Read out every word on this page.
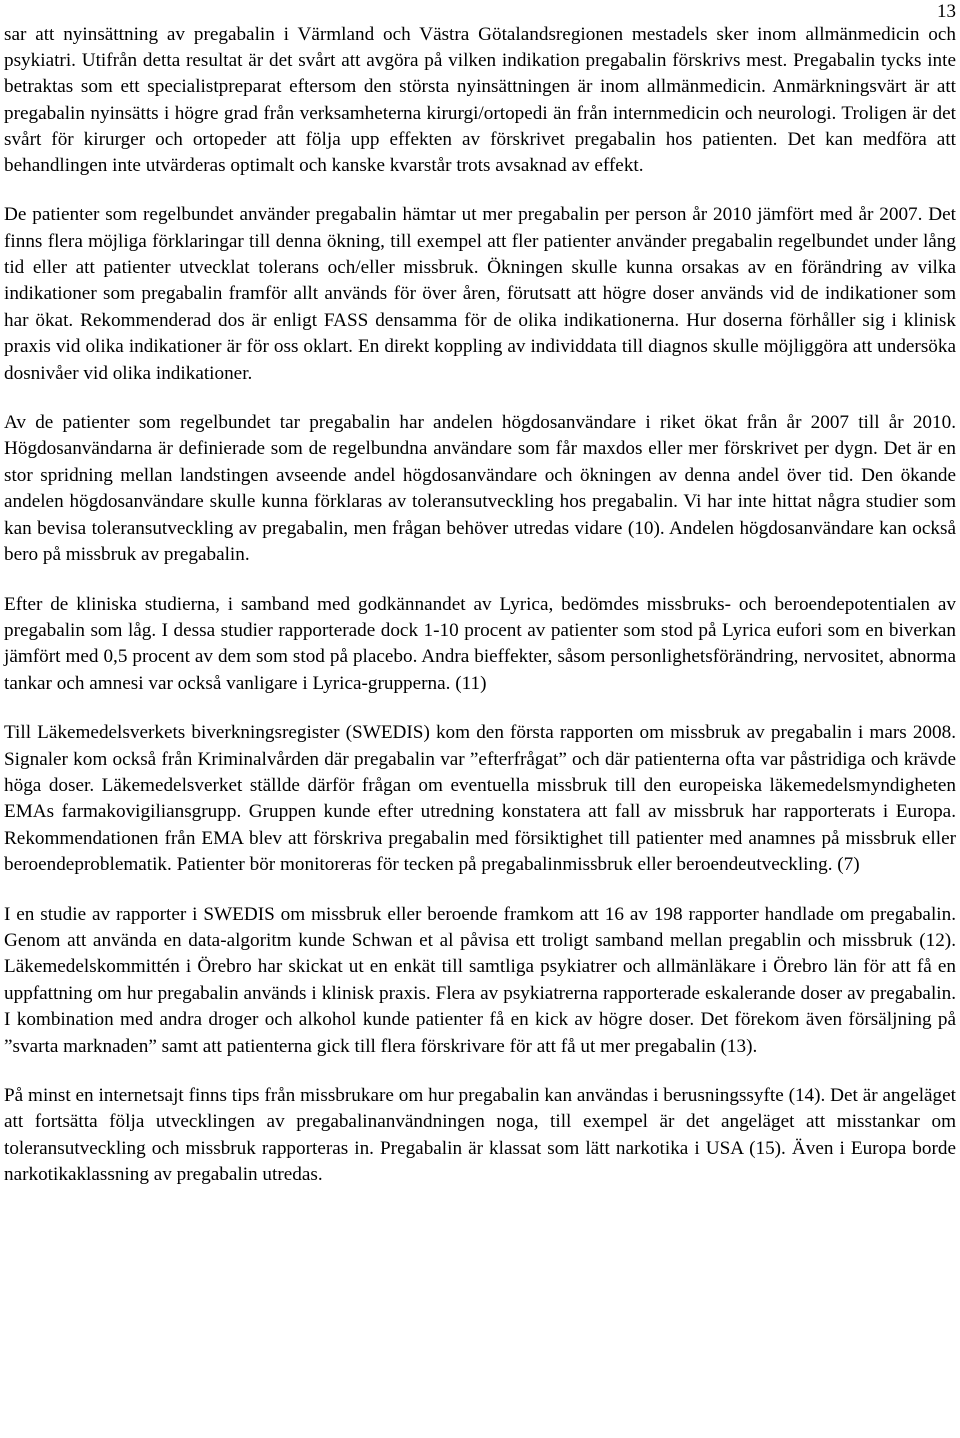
13

sar att nyinsättning av pregabalin i Värmland och Västra Götalandsregionen mestadels sker inom allmänmedicin och psykiatri. Utifrån detta resultat är det svårt att avgöra på vilken indikation pregabalin förskrivs mest. Pregabalin tycks inte betraktas som ett specialistpreparat eftersom den största nyinsättningen är inom allmänmedicin. Anmärkningsvärt är att pregabalin nyinsätts i högre grad från verksamheterna kirurgi/ortopedi än från internmedicin och neurologi. Troligen är det svårt för kirurger och ortopeder att följa upp effekten av förskrivet pregabalin hos patienten. Det kan medföra att behandlingen inte utvärderas optimalt och kanske kvarstår trots avsaknad av effekt.

De patienter som regelbundet använder pregabalin hämtar ut mer pregabalin per person år 2010 jämfört med år 2007. Det finns flera möjliga förklaringar till denna ökning, till exempel att fler patienter använder pregabalin regelbundet under lång tid eller att patienter utvecklat tolerans och/eller missbruk. Ökningen skulle kunna orsakas av en förändring av vilka indikationer som pregabalin framför allt används för över åren, förutsatt att högre doser används vid de indikationer som har ökat. Rekommenderad dos är enligt FASS densamma för de olika indikationerna. Hur doserna förhåller sig i klinisk praxis vid olika indikationer är för oss oklart. En direkt koppling av individdata till diagnos skulle möjliggöra att undersöka dosnivåer vid olika indikationer.

Av de patienter som regelbundet tar pregabalin har andelen högdosanvändare i riket ökat från år 2007 till år 2010. Högdosanvändarna är definierade som de regelbundna användare som får maxdos eller mer förskrivet per dygn. Det är en stor spridning mellan landstingen avseende andel högdosanvändare och ökningen av denna andel över tid. Den ökande andelen högdosanvändare skulle kunna förklaras av toleransutveckling hos pregabalin. Vi har inte hittat några studier som kan bevisa toleransutveckling av pregabalin, men frågan behöver utredas vidare (10). Andelen högdosanvändare kan också bero på missbruk av pregabalin.

Efter de kliniska studierna, i samband med godkännandet av Lyrica, bedömdes missbruks- och beroendepotentialen av pregabalin som låg. I dessa studier rapporterade dock 1-10 procent av patienter som stod på Lyrica eufori som en biverkan jämfört med 0,5 procent av dem som stod på placebo. Andra bieffekter, såsom personlighetsförändring, nervositet, abnorma tankar och amnesi var också vanligare i Lyrica-grupperna. (11)

Till Läkemedelsverkets biverkningsregister (SWEDIS) kom den första rapporten om missbruk av pregabalin i mars 2008. Signaler kom också från Kriminalvården där pregabalin var ”efterfrågat” och där patienterna ofta var påstridiga och krävde höga doser. Läkemedelsverket ställde därför frågan om eventuella missbruk till den europeiska läkemedelsmyndigheten EMAs farmakovigiliansgrupp. Gruppen kunde efter utredning konstatera att fall av missbruk har rapporterats i Europa. Rekommendationen från EMA blev att förskriva pregabalin med försiktighet till patienter med anamnes på missbruk eller beroendeproblematik. Patienter bör monitoreras för tecken på pregabalinmissbruk eller beroendeutveckling. (7)

I en studie av rapporter i SWEDIS om missbruk eller beroende framkom att 16 av 198 rapporter handlade om pregabalin. Genom att använda en data-algoritm kunde Schwan et al påvisa ett troligt samband mellan pregablin och missbruk (12). Läkemedelskommittén i Örebro har skickat ut en enkät till samtliga psykiatrer och allmänläkare i Örebro län för att få en uppfattning om hur pregabalin används i klinisk praxis. Flera av psykiatrerna rapporterade eskalerande doser av pregabalin. I kombination med andra droger och alkohol kunde patienter få en kick av högre doser. Det förekom även försäljning på ”svarta marknaden” samt att patienterna gick till flera förskrivare för att få ut mer pregabalin (13).

På minst en internetsajt finns tips från missbrukare om hur pregabalin kan användas i berusningssyfte (14). Det är angeläget att fortsätta följa utvecklingen av pregabalinanvändningen noga, till exempel är det angeläget att misstankar om toleransutveckling och missbruk rapporteras in. Pregabalin är klassat som lätt narkotika i USA (15). Även i Europa borde narkotikaklassning av pregabalin utredas.
